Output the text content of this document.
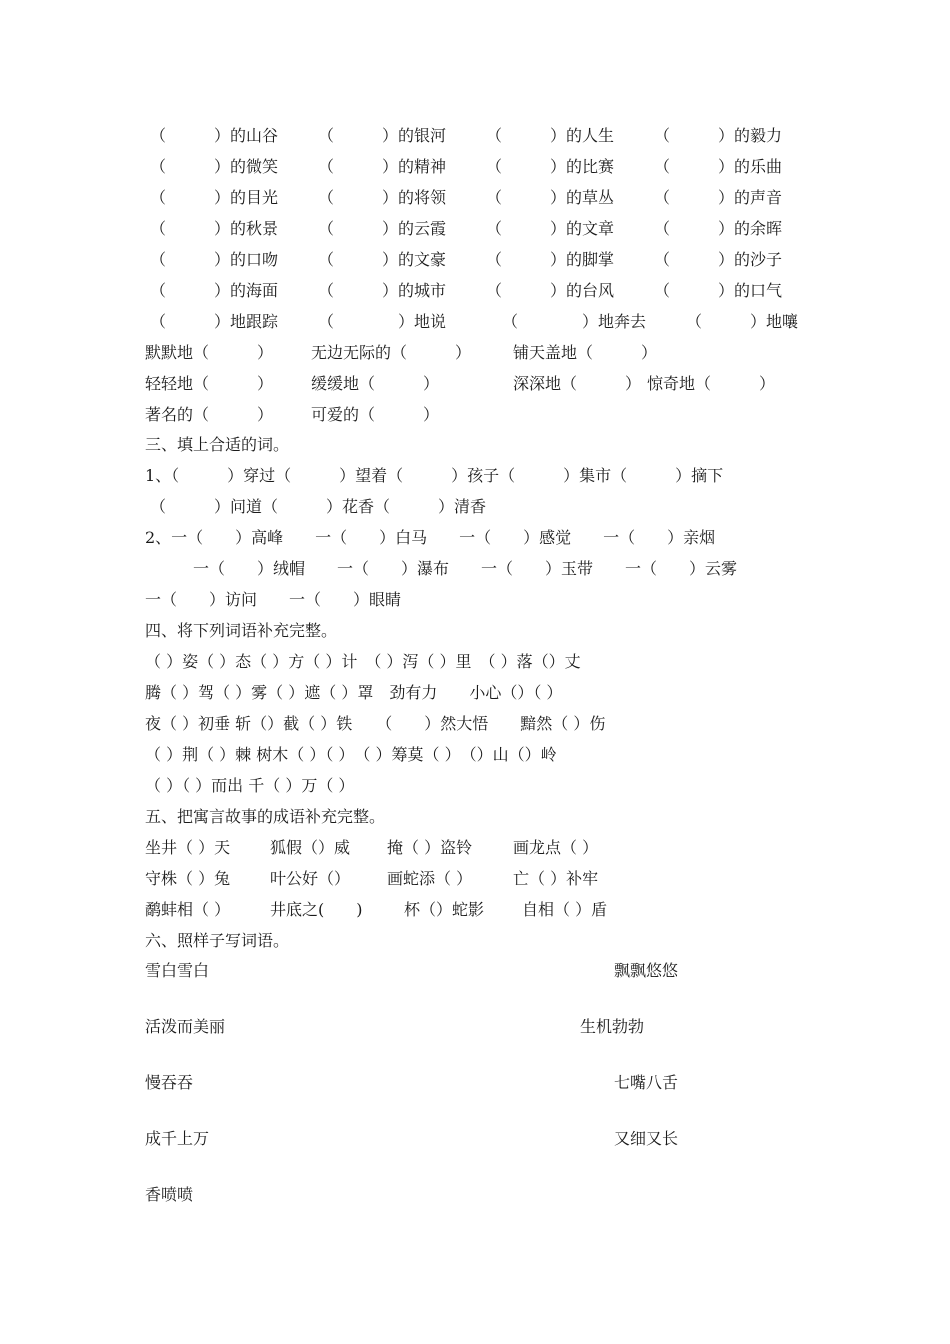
（　　　）的山谷 （　　　）的银河 （　　　）的人生 （　　　）的毅力
（　　　）的微笑 （　　　）的精神 （　　　）的比赛 （　　　）的乐曲
（　　　）的目光 （　　　）的将领 （　　　）的草丛 （　　　）的声音
（　　　）的秋景 （　　　）的云霞 （　　　）的文章 （　　　）的余晖
（　　　）的口吻 （　　　）的文豪 （　　　）的脚掌 （　　　）的沙子
（　　　）的海面 （　　　）的城市 （　　　）的台风 （　　　）的口气
（　　　）地跟踪 （　　　　）地说	（　　　　）地奔去 （　　　）地嚷
默默地（　　　） 无边无际的（　　　）	铺天盖地（　　　）
轻轻地（　　　） 缓缓地（　　　）	深深地（　　　） 惊奇地（　　　）
著名的（　　　） 可爱的（　　　）
三、填上合适的词。
1、（　　　）穿过（　　　）望着（　　　）孩子（　　　）集市（　　　）摘下
（　　　）问道（　　　）花香（　　　）清香
2、一（　　）高峰　　一（　　）白马　　一（　　）感觉　　一（　　）亲烟
一（　　）绒帽　　一（　　）瀑布　　一（　　）玉带　　一（　　）云雾
一（　　）访问　　一（　　）眼睛
四、将下列词语补充完整。
（ ）姿（ ）态（ ）方（ ）计　（ ）泻（ ）里　（ ）落（）丈
腾（ ）驾（ ）雾（ ）遮（ ）罩　劲有力　　小心（）（ ）
夜（ ）初垂 斩（）截（ ）铁　　（　　）然大悟　　黯然（ ）伤
（ ）荆（ ）棘 树木（ ）（ ）　（ ）筹莫（ ）　（）山（）岭
（ ）（ ）而出 千（ ）万（ ）
五、把寓言故事的成语补充完整。
坐井（ ）天 狐假（）威 掩（ ）盗铃	画龙点（ ）
守株（ ）兔 叶公好（） 画蛇添（ ）	亡（ ）补牢
鹬蚌相（ ） 井底之(　　)	杯（）蛇影 自相（ ）盾
六、照样子写词语。
雪白雪白	飘飘悠悠
活泼而美丽	生机勃勃
慢吞吞	七嘴八舌
成千上万	又细又长
香喷喷
